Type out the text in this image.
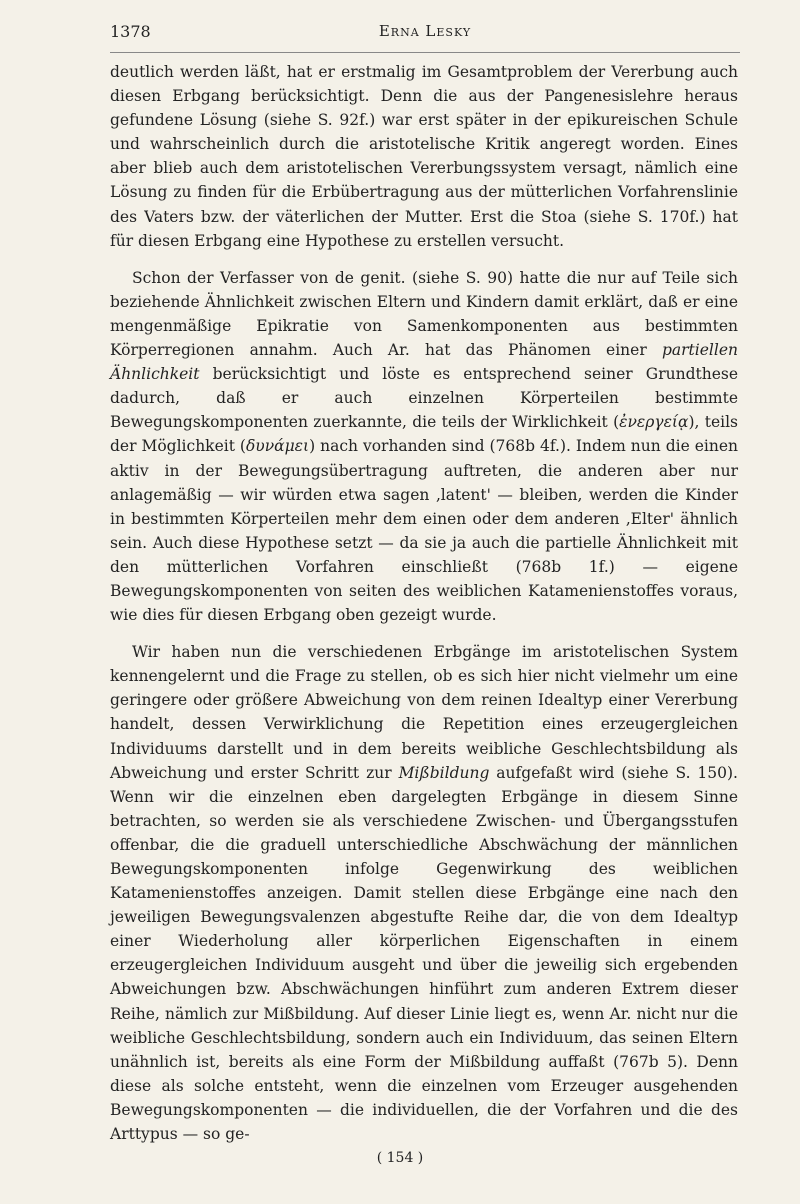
1378	Erna Lesky

deutlich werden läßt, hat er erstmalig im Gesamtproblem der Vererbung auch diesen Erbgang berücksichtigt. Denn die aus der Pangenesislehre heraus gefundene Lösung (siehe S. 92f.) war erst später in der epikureischen Schule und wahrscheinlich durch die aristotelische Kritik angeregt worden. Eines aber blieb auch dem aristotelischen Vererbungssystem versagt, nämlich eine Lösung zu finden für die Erbübertragung aus der mütterlichen Vorfahrenslinie des Vaters bzw. der väterlichen der Mutter. Erst die Stoa (siehe S. 170f.) hat für diesen Erbgang eine Hypothese zu erstellen versucht.

Schon der Verfasser von de genit. (siehe S. 90) hatte die nur auf Teile sich beziehende Ähnlichkeit zwischen Eltern und Kindern damit erklärt, daß er eine mengenmäßige Epikratie von Samenkomponenten aus bestimmten Körperregionen annahm. Auch Ar. hat das Phänomen einer partiellen Ähnlichkeit berücksichtigt und löste es entsprechend seiner Grundthese dadurch, daß er auch einzelnen Körperteilen bestimmte Bewegungskomponenten zuerkannte, die teils der Wirklichkeit (ἐνεργείᾳ), teils der Möglichkeit (δυνάμει) nach vorhanden sind (768b 4f.). Indem nun die einen aktiv in der Bewegungsübertragung auftreten, die anderen aber nur anlagemäßig — wir würden etwa sagen ‚latent' — bleiben, werden die Kinder in bestimmten Körperteilen mehr dem einen oder dem anderen ‚Elter' ähnlich sein. Auch diese Hypothese setzt — da sie ja auch die partielle Ähnlichkeit mit den mütterlichen Vorfahren einschließt (768b 1f.) — eigene Bewegungskomponenten von seiten des weiblichen Katamenienstoffes voraus, wie dies für diesen Erbgang oben gezeigt wurde.

Wir haben nun die verschiedenen Erbgänge im aristotelischen System kennengelernt und die Frage zu stellen, ob es sich hier nicht vielmehr um eine geringere oder größere Abweichung von dem reinen Idealtyp einer Vererbung handelt, dessen Verwirklichung die Repetition eines erzeugergleichen Individuums darstellt und in dem bereits weibliche Geschlechtsbildung als Abweichung und erster Schritt zur Mißbildung aufgefaßt wird (siehe S. 150). Wenn wir die einzelnen eben dargelegten Erbgänge in diesem Sinne betrachten, so werden sie als verschiedene Zwischen- und Übergangsstufen offenbar, die die graduell unterschiedliche Abschwächung der männlichen Bewegungskomponenten infolge Gegenwirkung des weiblichen Katamenienstoffes anzeigen. Damit stellen diese Erbgänge eine nach den jeweiligen Bewegungsvalenzen abgestufte Reihe dar, die von dem Idealtyp einer Wiederholung aller körperlichen Eigenschaften in einem erzeugergleichen Individuum ausgeht und über die jeweilig sich ergebenden Abweichungen bzw. Abschwächungen hinführt zum anderen Extrem dieser Reihe, nämlich zur Mißbildung. Auf dieser Linie liegt es, wenn Ar. nicht nur die weibliche Geschlechtsbildung, sondern auch ein Individuum, das seinen Eltern unähnlich ist, bereits als eine Form der Mißbildung auffaßt (767b 5). Denn diese als solche entsteht, wenn die einzelnen vom Erzeuger ausgehenden Bewegungskomponenten — die individuellen, die der Vorfahren und die des Arttypus — so ge-

( 154 )
